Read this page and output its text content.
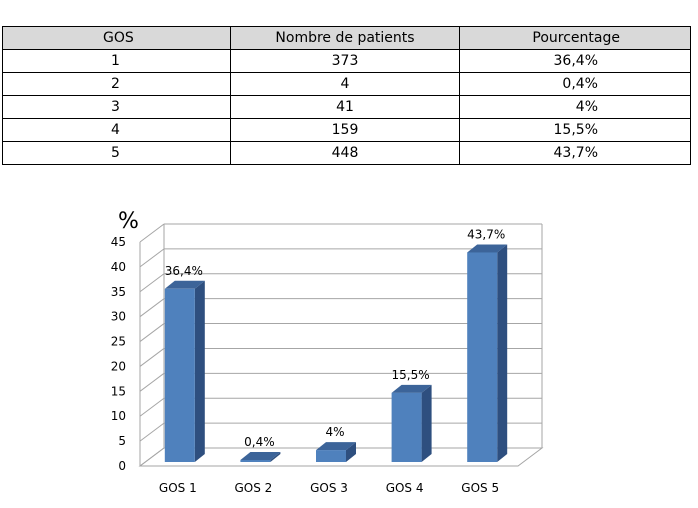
GOS	Nombre de patients	Pourcentage
1	373	36,4%
2	4	0,4%
3	41	4%
4	159	15,5%
5	448	43,7%
%
0
5
10
15
20
25
30
35
40
45
36,4%
GOS 1
0,4%
GOS 2
4%
GOS 3
15,5%
GOS 4
43,7%
GOS 5
